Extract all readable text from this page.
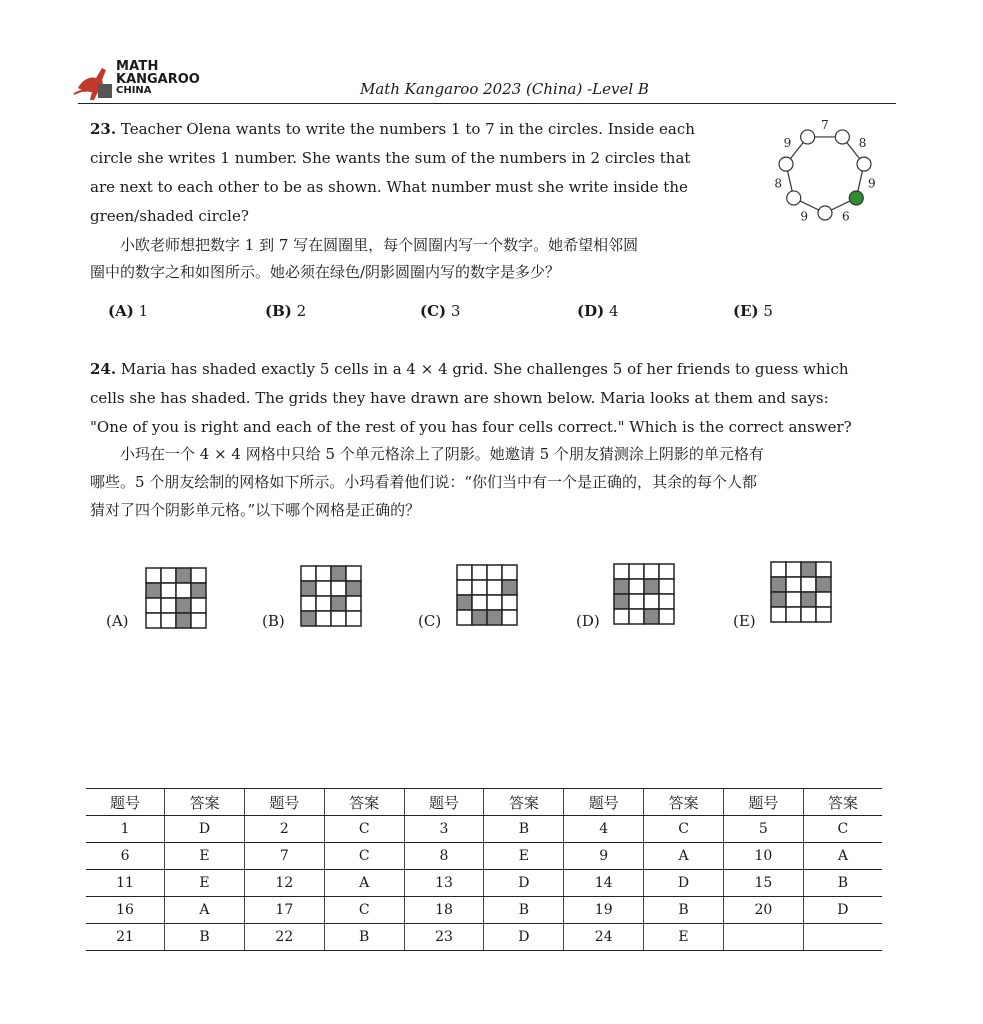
MATH
KANGAROO
CHINA	Math Kangaroo 2023 (China) -Level B
23. Teacher Olena wants to write the numbers 1 to 7 in the circles. Inside each
circle she writes 1 number. She wants the sum of the numbers in 2 circles that
are next to each other to be as shown. What number must she write inside the
green/shaded circle?
小欧老师想把数字 1 到 7 写在圆圈里，每个圆圈内写一个数字。她希望相邻圆
圈中的数字之和如图所示。她必须在绿色/阴影圆圈内写的数字是多少？
(A) 1	(B) 2	(C) 3	(D) 4	(E) 5
7
8
9
6
9
8
9
24. Maria has shaded exactly 5 cells in a 4 × 4 grid. She challenges 5 of her friends to guess which
cells she has shaded. The grids they have drawn are shown below. Maria looks at them and says:
"One of you is right and each of the rest of you has four cells correct." Which is the correct answer?
小玛在一个 4 × 4 网格中只给 5 个单元格涂上了阴影。她邀请 5 个朋友猜测涂上阴影的单元格有
哪些。5 个朋友绘制的网格如下所示。小玛看着他们说：“你们当中有一个是正确的，其余的每个人都
猜对了四个阴影单元格。”以下哪个网格是正确的？
(A)	(B)	(C)	(D)	(E)
题号	答案	题号	答案	题号	答案	题号	答案	题号	答案
1	D	2	C	3	B	4	C	5	C
6	E	7	C	8	E	9	A	10	A
11	E	12	A	13	D	14	D	15	B
16	A	17	C	18	B	19	B	20	D
21	B	22	B	23	D	24	E		
